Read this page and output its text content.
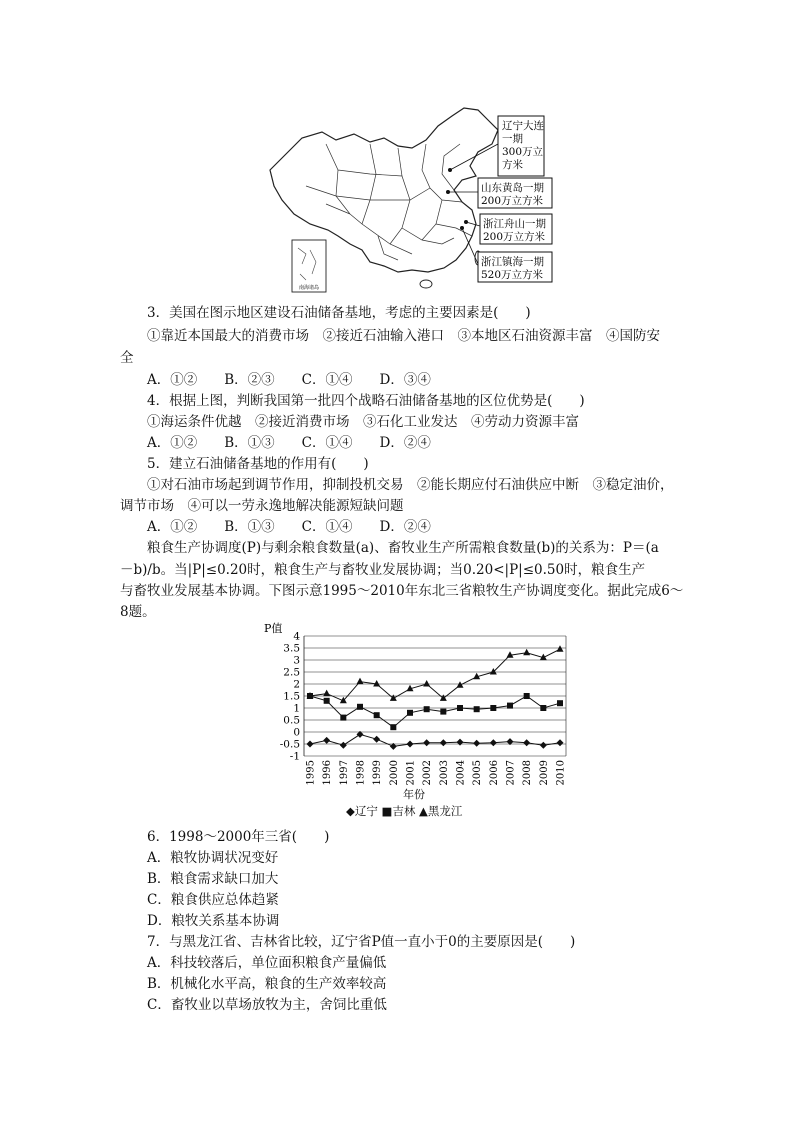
南海诸岛
辽宁大连
一期
300万立
方米
山东黄岛一期
200万立方米
浙江舟山一期
200万立方米
浙江镇海一期
520万立方米
3．美国在图示地区建设石油储备基地，考虑的主要因素是(　　)
①靠近本国最大的消费市场　②接近石油输入港口　③本地区石油资源丰富　④国防安
全
A．①②　　B．②③　　C．①④　　D．③④
4．根据上图，判断我国第一批四个战略石油储备基地的区位优势是(　　)
①海运条件优越　②接近消费市场　③石化工业发达　④劳动力资源丰富
A．①②　　B．①③　　C．①④　　D．②④
5．建立石油储备基地的作用有(　　)
①对石油市场起到调节作用，抑制投机交易　②能长期应付石油供应中断　③稳定油价，
调节市场　④可以一劳永逸地解决能源短缺问题
A．①②　　B．①③　　C．①④　　D．②④
粮食生产协调度(P)与剩余粮食数量(a)、畜牧业生产所需粮食数量(b)的关系为：P＝(a
－b)/b。当|P|≤0.20时，粮食生产与畜牧业发展协调；当0.20<|P|≤0.50时，粮食生产
与畜牧业发展基本协调。下图示意1995～2010年东北三省粮牧生产协调度变化。据此完成6～
8题。
P值
年份
4
3.5
3
2.5
2
1.5
1
0.5
0
-0.5
-1
1995 1996 1997 1998 1999 2000 2001 2002 2003 2004 2005 2006 2007 2008 2009 2010
◆辽宁 ■吉林 ▲黑龙江
6．1998～2000年三省(　　)
A．粮牧协调状况变好
B．粮食需求缺口加大
C．粮食供应总体趋紧
D．粮牧关系基本协调
7．与黑龙江省、吉林省比较，辽宁省P值一直小于0的主要原因是(　　)
A．科技较落后，单位面积粮食产量偏低
B．机械化水平高，粮食的生产效率较高
C．畜牧业以草场放牧为主，舍饲比重低
